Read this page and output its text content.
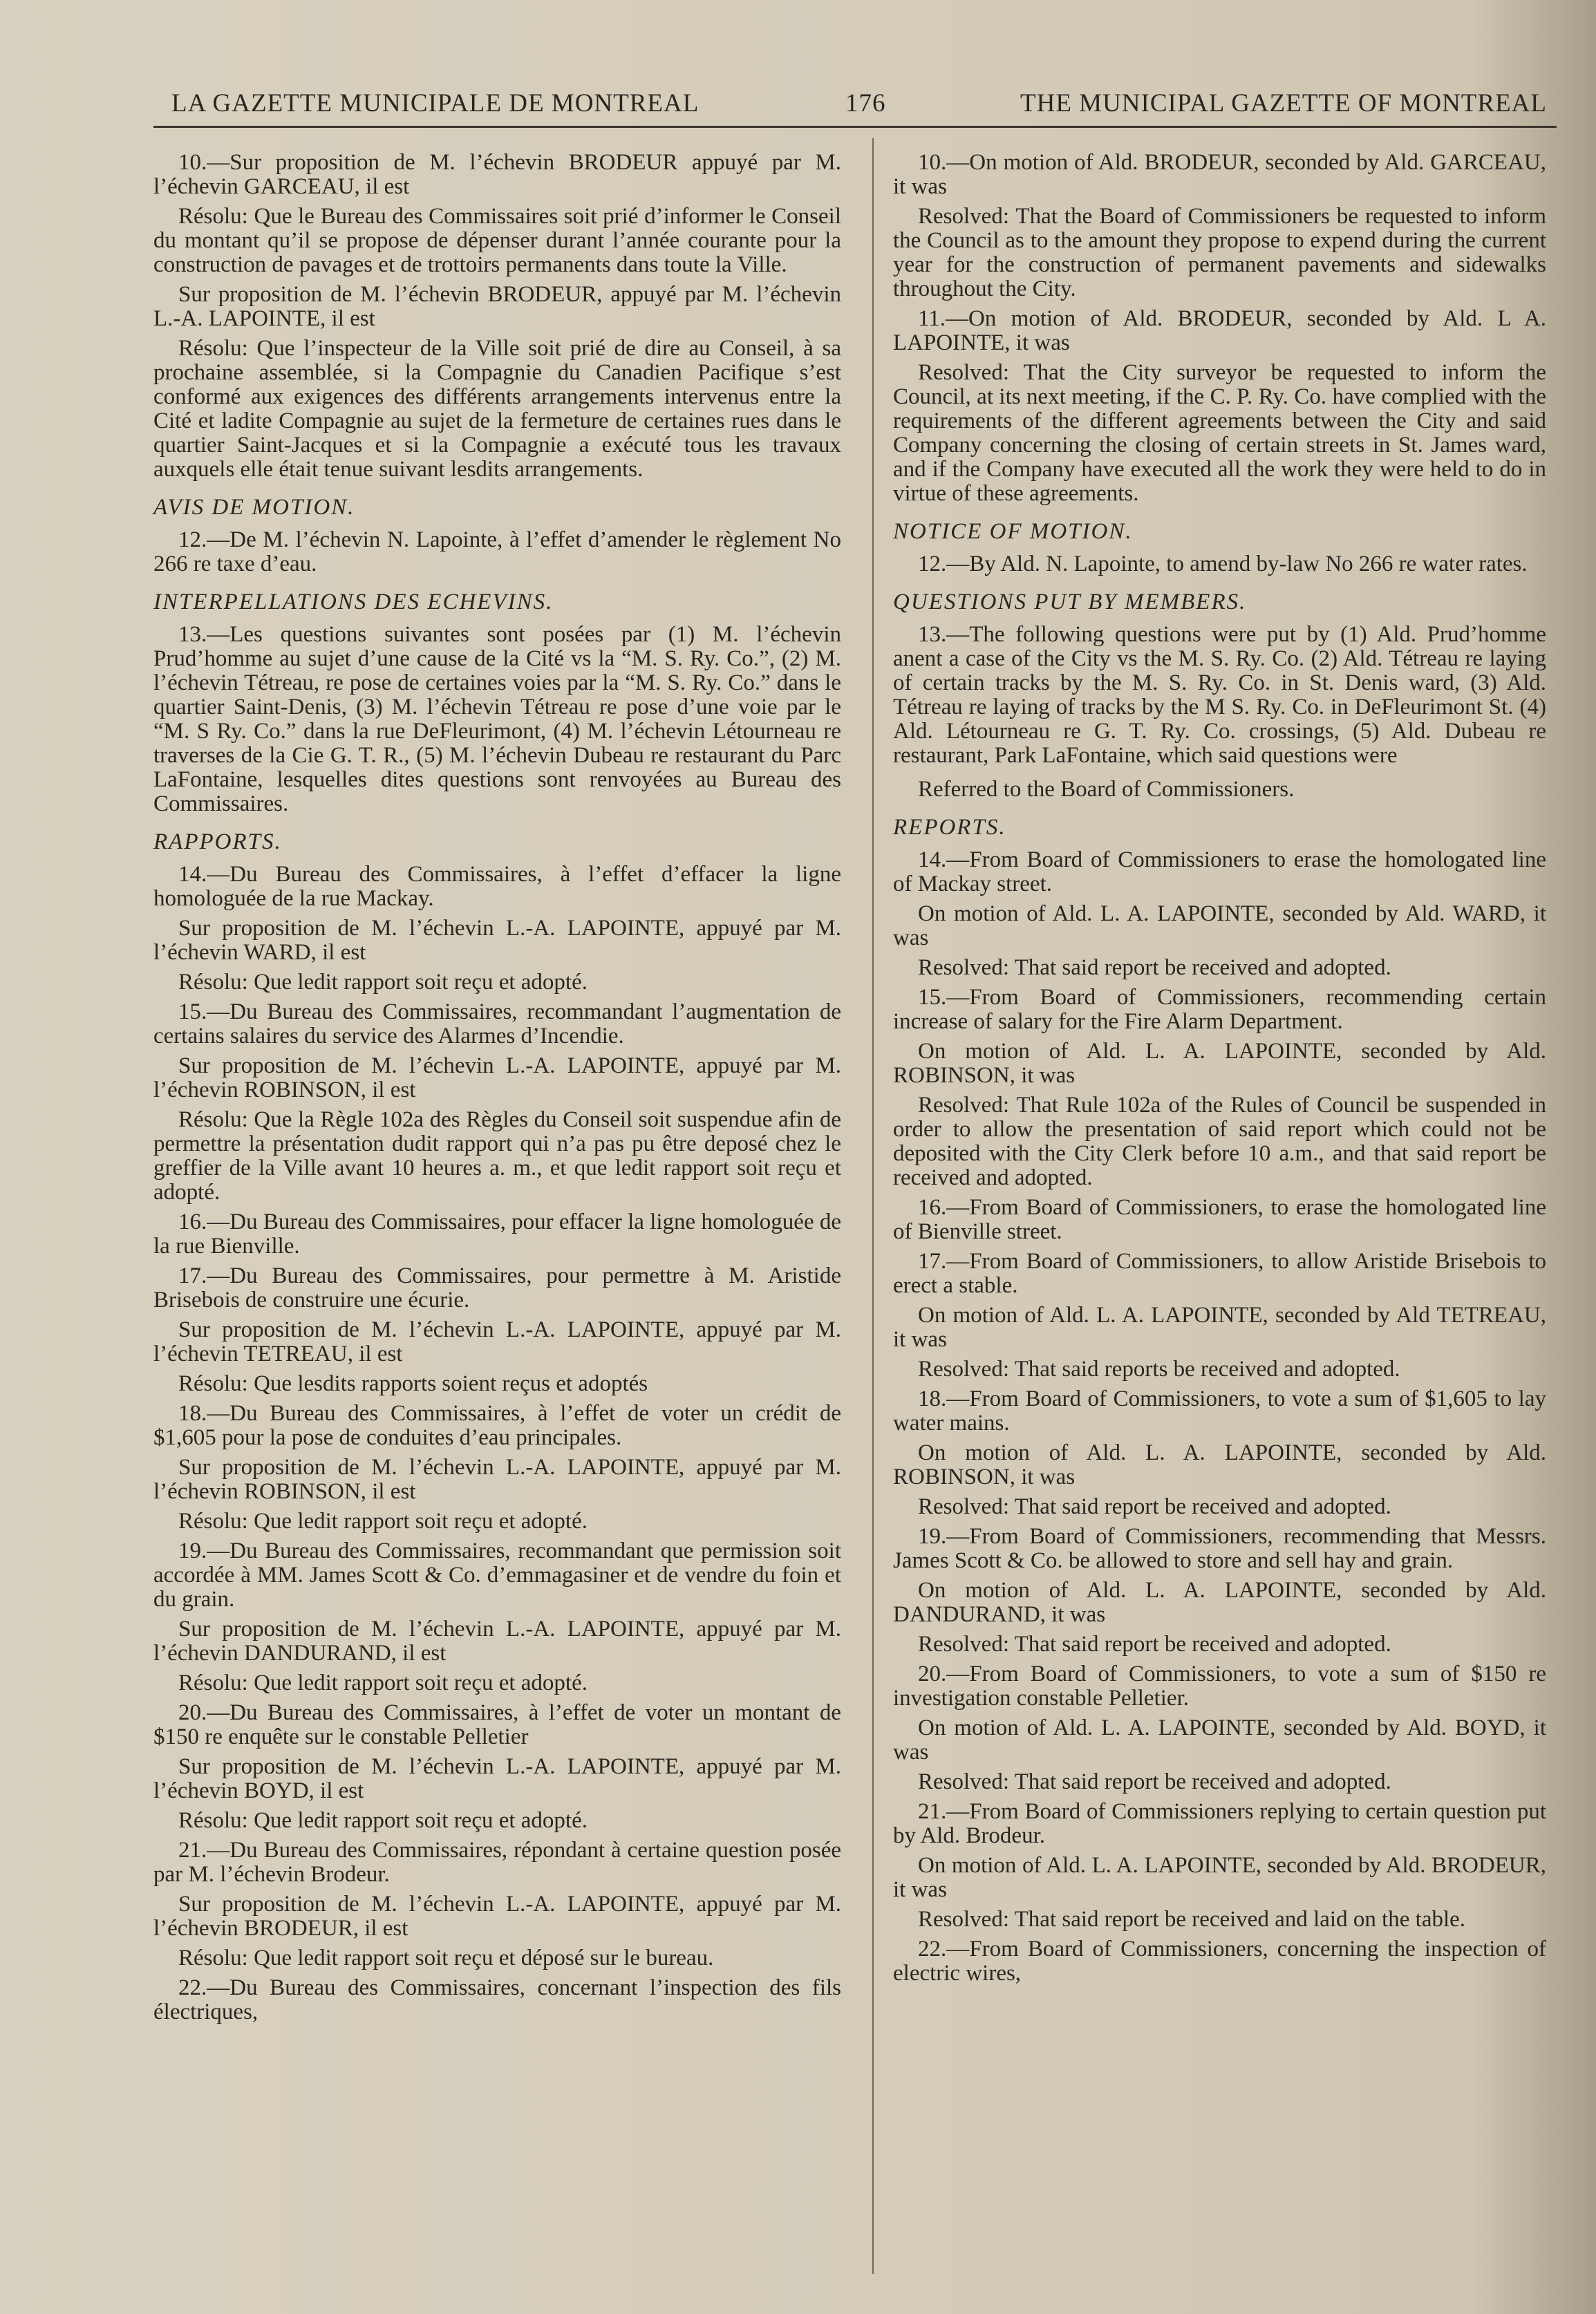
LA GAZETTE MUNICIPALE DE MONTREAL	176	THE MUNICIPAL GAZETTE OF MONTREAL

10.—Sur proposition de M. l’échevin BRODEUR appuyé par M. l’échevin GARCEAU, il est

Résolu: Que le Bureau des Commissaires soit prié d’informer le Conseil du montant qu’il se propose de dépenser durant l’année courante pour la construction de pavages et de trottoirs permanents dans toute la Ville.

Sur proposition de M. l’échevin BRODEUR, appuyé par M. l’échevin L.-A. LAPOINTE, il est

Résolu: Que l’inspecteur de la Ville soit prié de dire au Conseil, à sa prochaine assemblée, si la Compagnie du Canadien Pacifique s’est conformé aux exigences des différents arrangements intervenus entre la Cité et ladite Compagnie au sujet de la fermeture de certaines rues dans le quartier Saint-Jacques et si la Compagnie a exécuté tous les travaux auxquels elle était tenue suivant lesdits arrangements.

AVIS DE MOTION.

12.—De M. l’échevin N. Lapointe, à l’effet d’amender le règlement No 266 re taxe d’eau.

INTERPELLATIONS DES ECHEVINS.

13.—Les questions suivantes sont posées par (1) M. l’échevin Prud’homme au sujet d’une cause de la Cité vs la “M. S. Ry. Co.”, (2) M. l’échevin Tétreau, re pose de certaines voies par la “M. S. Ry. Co.” dans le quartier Saint-Denis, (3) M. l’échevin Tétreau re pose d’une voie par le “M. S Ry. Co.” dans la rue DeFleurimont, (4) M. l’échevin Létourneau re traverses de la Cie G. T. R., (5) M. l’échevin Dubeau re restaurant du Parc LaFontaine, lesquelles dites questions sont renvoyées au Bureau des Commissaires.

RAPPORTS.

14.—Du Bureau des Commissaires, à l’effet d’effacer la ligne homologuée de la rue Mackay.

Sur proposition de M. l’échevin L.-A. LAPOINTE, appuyé par M. l’échevin WARD, il est

Résolu: Que ledit rapport soit reçu et adopté.

15.—Du Bureau des Commissaires, recommandant l’augmentation de certains salaires du service des Alarmes d’Incendie.

Sur proposition de M. l’échevin L.-A. LAPOINTE, appuyé par M. l’échevin ROBINSON, il est

Résolu: Que la Règle 102a des Règles du Conseil soit suspendue afin de permettre la présentation dudit rapport qui n’a pas pu être deposé chez le greffier de la Ville avant 10 heures a. m., et que ledit rapport soit reçu et adopté.

16.—Du Bureau des Commissaires, pour effacer la ligne homologuée de la rue Bienville.

17.—Du Bureau des Commissaires, pour permettre à M. Aristide Brisebois de construire une écurie.

Sur proposition de M. l’échevin L.-A. LAPOINTE, appuyé par M. l’échevin TETREAU, il est

Résolu: Que lesdits rapports soient reçus et adoptés

18.—Du Bureau des Commissaires, à l’effet de voter un crédit de $1,605 pour la pose de conduites d’eau principales.

Sur proposition de M. l’échevin L.-A. LAPOINTE, appuyé par M. l’échevin ROBINSON, il est

Résolu: Que ledit rapport soit reçu et adopté.

19.—Du Bureau des Commissaires, recommandant que permission soit accordée à MM. James Scott & Co. d’emmagasiner et de vendre du foin et du grain.

Sur proposition de M. l’échevin L.-A. LAPOINTE, appuyé par M. l’échevin DANDURAND, il est

Résolu: Que ledit rapport soit reçu et adopté.

20.—Du Bureau des Commissaires, à l’effet de voter un montant de $150 re enquête sur le constable Pelletier

Sur proposition de M. l’échevin L.-A. LAPOINTE, appuyé par M. l’échevin BOYD, il est

Résolu: Que ledit rapport soit reçu et adopté.

21.—Du Bureau des Commissaires, répondant à certaine question posée par M. l’échevin Brodeur.

Sur proposition de M. l’échevin L.-A. LAPOINTE, appuyé par M. l’échevin BRODEUR, il est

Résolu: Que ledit rapport soit reçu et déposé sur le bureau.

22.—Du Bureau des Commissaires, concernant l’inspection des fils électriques,

10.—On motion of Ald. BRODEUR, seconded by Ald. GARCEAU, it was

Resolved: That the Board of Commissioners be requested to inform the Council as to the amount they propose to expend during the current year for the construction of permanent pavements and sidewalks throughout the City.

11.—On motion of Ald. BRODEUR, seconded by Ald. L A. LAPOINTE, it was

Resolved: That the City surveyor be requested to inform the Council, at its next meeting, if the C. P. Ry. Co. have complied with the requirements of the different agreements between the City and said Company concerning the closing of certain streets in St. James ward, and if the Company have executed all the work they were held to do in virtue of these agreements.

NOTICE OF MOTION.

12.—By Ald. N. Lapointe, to amend by-law No 266 re water rates.

QUESTIONS PUT BY MEMBERS.

13.—The following questions were put by (1) Ald. Prud’homme anent a case of the City vs the M. S. Ry. Co. (2) Ald. Tétreau re laying of certain tracks by the M. S. Ry. Co. in St. Denis ward, (3) Ald. Tétreau re laying of tracks by the M S. Ry. Co. in DeFleurimont St. (4) Ald. Létourneau re G. T. Ry. Co. crossings, (5) Ald. Dubeau re restaurant, Park LaFontaine, which said questions were

Referred to the Board of Commissioners.

REPORTS.

14.—From Board of Commissioners to erase the homologated line of Mackay street.

On motion of Ald. L. A. LAPOINTE, seconded by Ald. WARD, it was

Resolved: That said report be received and adopted.

15.—From Board of Commissioners, recommending certain increase of salary for the Fire Alarm Department.

On motion of Ald. L. A. LAPOINTE, seconded by Ald. ROBINSON, it was

Resolved: That Rule 102a of the Rules of Council be suspended in order to allow the presentation of said report which could not be deposited with the City Clerk before 10 a.m., and that said report be received and adopted.

16.—From Board of Commissioners, to erase the homologated line of Bienville street.

17.—From Board of Commissioners, to allow Aristide Brisebois to erect a stable.

On motion of Ald. L. A. LAPOINTE, seconded by Ald TETREAU, it was

Resolved: That said reports be received and adopted.

18.—From Board of Commissioners, to vote a sum of $1,605 to lay water mains.

On motion of Ald. L. A. LAPOINTE, seconded by Ald. ROBINSON, it was

Resolved: That said report be received and adopted.

19.—From Board of Commissioners, recommending that Messrs. James Scott & Co. be allowed to store and sell hay and grain.

On motion of Ald. L. A. LAPOINTE, seconded by Ald. DANDURAND, it was

Resolved: That said report be received and adopted.

20.—From Board of Commissioners, to vote a sum of $150 re investigation constable Pelletier.

On motion of Ald. L. A. LAPOINTE, seconded by Ald. BOYD, it was

Resolved: That said report be received and adopted.

21.—From Board of Commissioners replying to certain question put by Ald. Brodeur.

On motion of Ald. L. A. LAPOINTE, seconded by Ald. BRODEUR, it was

Resolved: That said report be received and laid on the table.

22.—From Board of Commissioners, concerning the inspection of electric wires,
